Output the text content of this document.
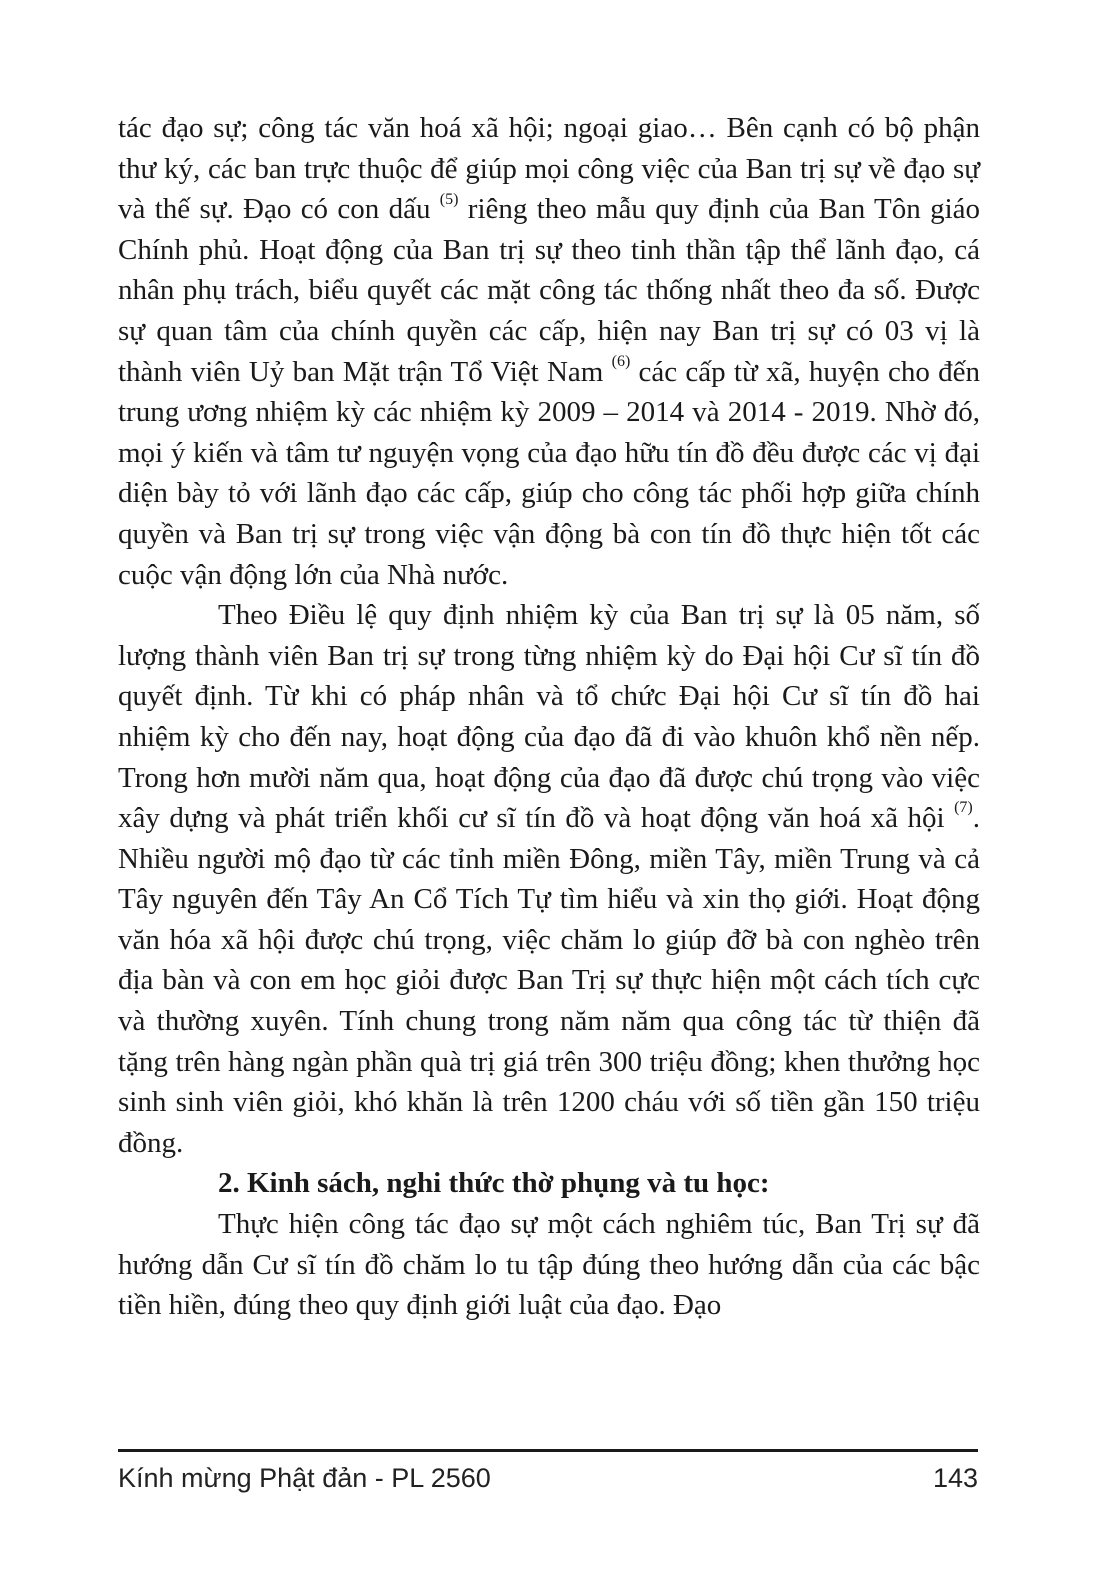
tác đạo sự; công tác văn hoá xã hội; ngoại giao… Bên cạnh có bộ phận thư ký, các ban trực thuộc để giúp mọi công việc của Ban trị sự về đạo sự và thế sự. Đạo có con dấu $^{(5)}$ riêng theo mẫu quy định của Ban Tôn giáo Chính phủ. Hoạt động của Ban trị sự theo tinh thần tập thể lãnh đạo, cá nhân phụ trách, biểu quyết các mặt công tác thống nhất theo đa số. Được sự quan tâm của chính quyền các cấp, hiện nay Ban trị sự có 03 vị là thành viên Uỷ ban Mặt trận Tổ Việt Nam $^{(6)}$ các cấp từ xã, huyện cho đến trung ương nhiệm kỳ các nhiệm kỳ 2009 – 2014 và 2014 - 2019. Nhờ đó, mọi ý kiến và tâm tư nguyện vọng của đạo hữu tín đồ đều được các vị đại diện bày tỏ với lãnh đạo các cấp, giúp cho công tác phối hợp giữa chính quyền và Ban trị sự trong việc vận động bà con tín đồ thực hiện tốt các cuộc vận động lớn của Nhà nước.

Theo Điều lệ quy định nhiệm kỳ của Ban trị sự là 05 năm, số lượng thành viên Ban trị sự trong từng nhiệm kỳ do Đại hội Cư sĩ tín đồ quyết định. Từ khi có pháp nhân và tổ chức Đại hội Cư sĩ tín đồ hai nhiệm kỳ cho đến nay, hoạt động của đạo đã đi vào khuôn khổ nền nếp. Trong hơn mười năm qua, hoạt động của đạo đã được chú trọng vào việc xây dựng và phát triển khối cư sĩ tín đồ và hoạt động văn hoá xã hội $^{(7)}$. Nhiều người mộ đạo từ các tỉnh miền Đông, miền Tây, miền Trung và cả Tây nguyên đến Tây An Cổ Tích Tự tìm hiểu và xin thọ giới. Hoạt động văn hóa xã hội được chú trọng, việc chăm lo giúp đỡ bà con nghèo trên địa bàn và con em học giỏi được Ban Trị sự thực hiện một cách tích cực và thường xuyên. Tính chung trong năm năm qua công tác từ thiện đã tặng trên hàng ngàn phần quà trị giá trên 300 triệu đồng; khen thưởng học sinh sinh viên giỏi, khó khăn là trên 1200 cháu với số tiền gần 150 triệu đồng.

2. Kinh sách, nghi thức thờ phụng và tu học:

Thực hiện công tác đạo sự một cách nghiêm túc, Ban Trị sự đã hướng dẫn Cư sĩ tín đồ chăm lo tu tập đúng theo hướng dẫn của các bậc tiền hiền, đúng theo quy định giới luật của đạo. Đạo

Kính mừng Phật đản - PL 2560	143
